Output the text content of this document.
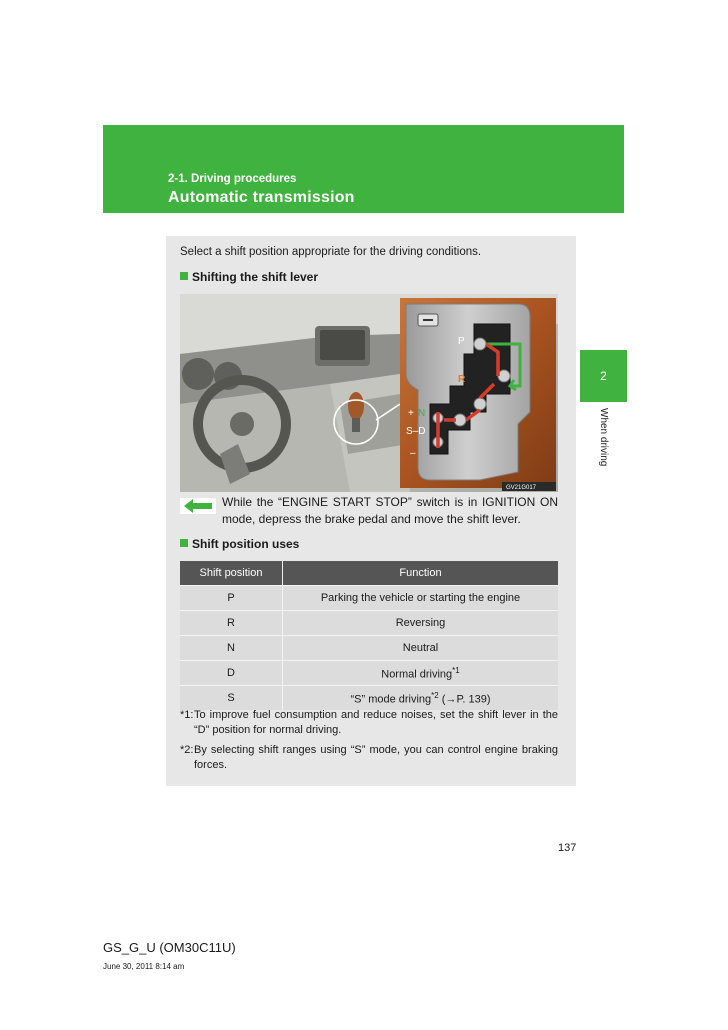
2-1. Driving procedures
Automatic transmission
2
When driving
Select a shift position appropriate for the driving conditions.
Shifting the shift lever
P
R
+ N
S–D
–
GV21G017
While the “ENGINE START STOP” switch is in IGNITION ON mode, depress the brake pedal and move the shift lever.
Shift position uses
Shift position	Function
P	Parking the vehicle or starting the engine
R	Reversing
N	Neutral
D	Normal driving$^{*1}$
S	“S” mode driving$^{*2}$ (→P. 139)
*1: To improve fuel consumption and reduce noises, set the shift lever in the “D” position for normal driving.
*2: By selecting shift ranges using “S” mode, you can control engine braking forces.
137
GS_G_U (OM30C11U)
June 30, 2011 8:14 am
